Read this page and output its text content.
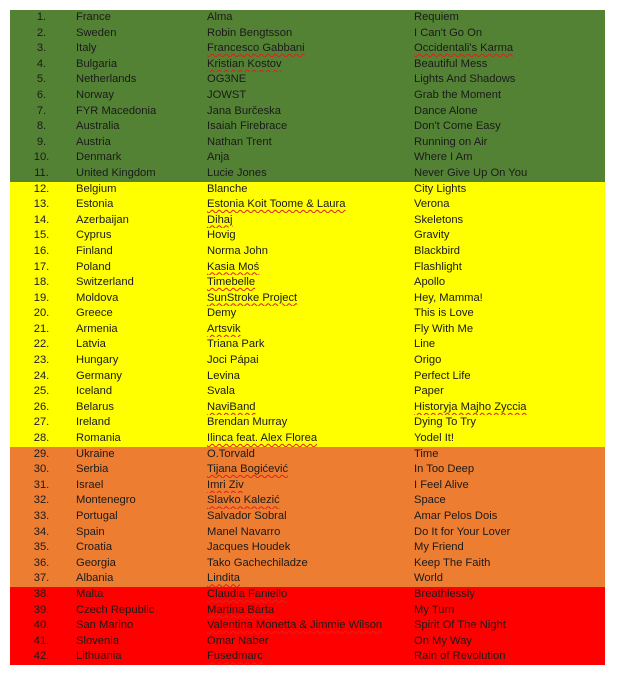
1.	France	Alma	Requiem
2.	Sweden	Robin Bengtsson	I Can't Go On
3.	Italy	Francesco Gabbani	Occidentali's Karma
4.	Bulgaria	Kristian Kostov	Beautiful Mess
5.	Netherlands	OG3NE	Lights And Shadows
6.	Norway	JOWST	Grab the Moment
7.	FYR Macedonia	Jana Burčeska	Dance Alone
8.	Australia	Isaiah Firebrace	Don't Come Easy
9.	Austria	Nathan Trent	Running on Air
10.	Denmark	Anja	Where I Am
11.	United Kingdom	Lucie Jones	Never Give Up On You
12.	Belgium	Blanche	City Lights
13.	Estonia	Estonia Koit Toome & Laura	Verona
14.	Azerbaijan	Dihaj	Skeletons
15.	Cyprus	Hovig	Gravity
16.	Finland	Norma John	Blackbird
17.	Poland	Kasia Moś	Flashlight
18.	Switzerland	Timebelle	Apollo
19.	Moldova	SunStroke Project	Hey, Mamma!
20.	Greece	Demy	This is Love
21.	Armenia	Artsvik	Fly With Me
22.	Latvia	Triana Park	Line
23.	Hungary	Joci Pápai	Origo
24.	Germany	Levina	Perfect Life
25.	Iceland	Svala	Paper
26.	Belarus	NaviBand	Historyja Majho Zyccia
27.	Ireland	Brendan Murray	Dying To Try
28.	Romania	Ilinca feat. Alex Florea	Yodel It!
29.	Ukraine	O.Torvald	Time
30.	Serbia	Tijana Bogićević	In Too Deep
31.	Israel	Imri Ziv	I Feel Alive
32.	Montenegro	Slavko Kalezić	Space
33.	Portugal	Salvador Sobral	Amar Pelos Dois
34.	Spain	Manel Navarro	Do It for Your Lover
35.	Croatia	Jacques Houdek	My Friend
36.	Georgia	Tako Gachechiladze	Keep The Faith
37.	Albania	Lindita	World
38.	Malta	Claudia Faniello	Breathlessly
39.	Czech Republic	Martina Bárta	My Turn
40.	San Marino	Valentina Monetta & Jimmie Wilson	Spirit Of The Night
41.	Slovenia	Omar Naber	On My Way
42.	Lithuania	Fusedmarc	Rain of Revolution
